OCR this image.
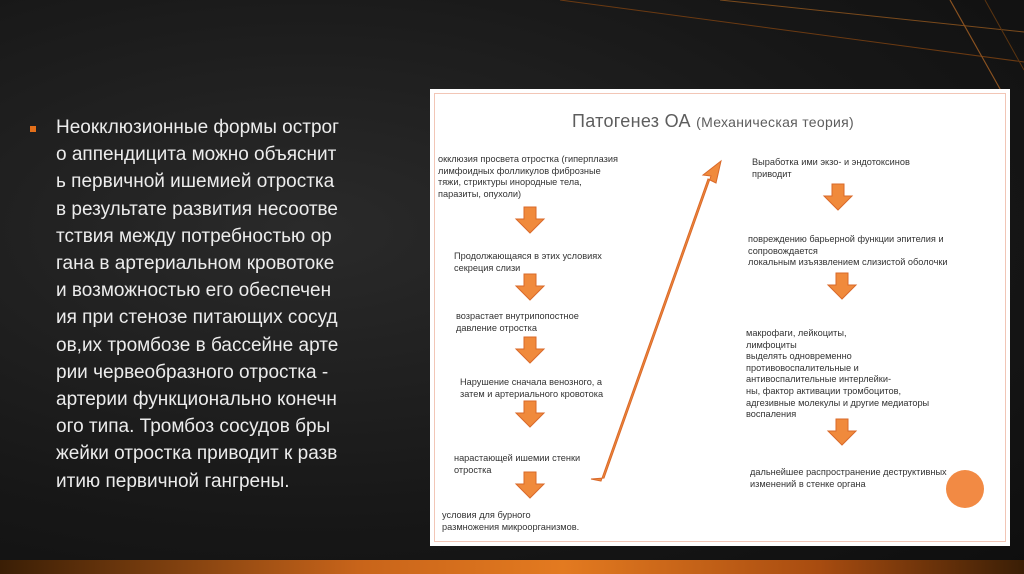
Неокклюзионные формы острог
о аппендицита можно объяснит
ь первичной ишемией отростка
в результате развития несоотве
тствия между потребностью ор
гана в артериальном кровотоке
и возможностью его обеспечен
ия при стенозе питающих сосуд
ов,их тромбозе в бассейне арте
рии червеобразного отростка -
артерии функционально конечн
ого типа. Тромбоз сосудов бры
жейки отростка приводит к разв
итию первичной гангрены.
Патогенез ОА (Механическая теория)
окклюзия просвета отростка (гиперплазия
лимфоидных фолликулов фиброзные
тяжи, стриктуры инородные тела,
паразиты, опухоли)
Продолжающаяся в этих условиях
секреция слизи
возрастает внутрипопостное
давление отростка
Нарушение сначала венозного, а
затем и артериального кровотока
нарастающей ишемии стенки
отростка
условия для бурного
размножения микроорганизмов.
Выработка ими экзо- и эндотоксинов
приводит
повреждению барьерной функции эпителия и
сопровождается
локальным изъязвлением слизистой оболочки
макрофаги, лейкоциты,
лимфоциты
выделять одновременно
противовоспалительные и
антивоспалительные интерлейки-
ны, фактор активации тромбоцитов,
адгезивные молекулы и другие медиаторы
воспаления
дальнейшее распространение деструктивных
изменений в стенке органа
